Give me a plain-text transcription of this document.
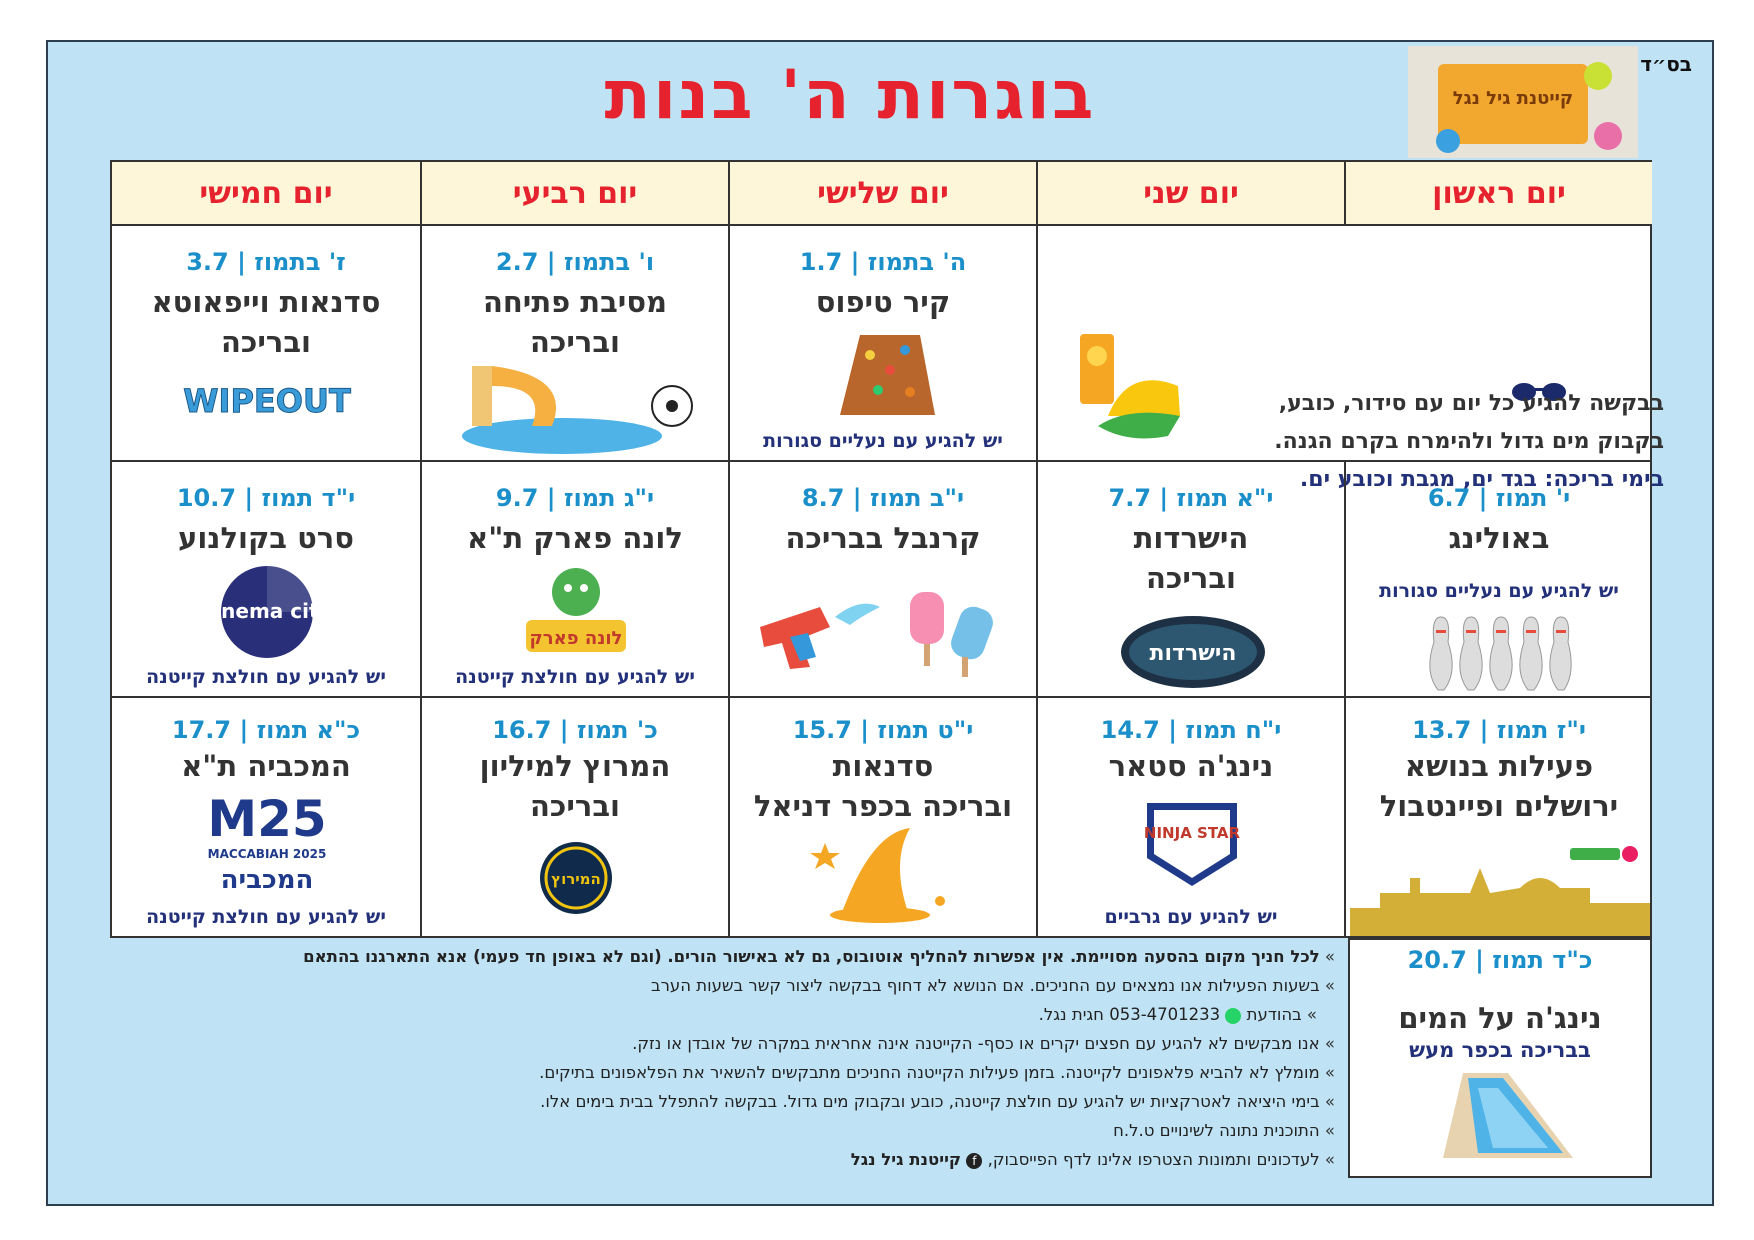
בס״ד
בוגרות ה' בנות	קייטנת גיל נגל
יום ראשון
יום שני
יום שלישי
יום רביעי
יום חמישי
בבקשה להגיע כל יום עם סידור, כובע,
בקבוק מים גדול ולהימרח בקרם הגנה.
בימי בריכה: בגד ים, מגבת וכובע ים.
ה' בתמוז | 1.7
קיר טיפוס
יש להגיע עם נעליים סגורות
ו' בתמוז | 2.7
מסיבת פתיחה
ובריכה
ז' בתמוז | 3.7
סדנאות וייפאוטא
ובריכה
WIPEOUT
י' תמוז | 6.7
באולינג
יש להגיע עם נעליים סגורות
י"א תמוז | 7.7
הישרדות
ובריכה
הישרדות
י"ב תמוז | 8.7
קרנבל בבריכה
י"ג תמוז | 9.7
לונה פארק ת"א
לונה פארק
יש להגיע עם חולצת קייטנה
י"ד תמוז | 10.7
סרט בקולנוע
cinema city
יש להגיע עם חולצת קייטנה
י"ז תמוז | 13.7
פעילות בנושא
ירושלים ופיינטבול
י"ח תמוז | 14.7
נינג'ה סטאר
NINJA STAR
יש להגיע עם גרביים
י"ט תמוז | 15.7
סדנאות
ובריכה בכפר דניאל
כ' תמוז | 16.7
המרוץ למיליון
ובריכה
המירוץ
כ"א תמוז | 17.7
המכביה ת"א
M25
MACCABIAH 2025
המכביה
יש להגיע עם חולצת קייטנה
כ"ד תמוז | 20.7
נינג'ה על המים
בבריכה בכפר מעש
» לכל חניך מקום בהסעה מסויימת. אין אפשרות להחליף אוטובוס, גם לא באישור הורים. (וגם לא באופן חד פעמי) אנא התארגנו בהתאם
» בשעות הפעילות אנו נמצאים עם החניכים. אם הנושא לא דחוף בבקשה ליצור קשר בשעות הערב
» בהודעת  053-4701233 חגית נגל.
» אנו מבקשים לא להגיע עם חפצים יקרים או כסף- הקייטנה אינה אחראית במקרה של אובדן או נזק.
» מומלץ לא להביא פלאפונים לקייטנה. בזמן פעילות הקייטנה החניכים מתבקשים להשאיר את הפלאפונים בתיקים.
» בימי היציאה לאטרקציות יש להגיע עם חולצת קייטנה, כובע ובקבוק מים גדול. בבקשה להתפלל בבית בימים אלו.
» התוכנית נתונה לשינויים ט.ל.ח
» לעדכונים ותמונות הצטרפו אלינו לדף הפייסבוק, f קייטנת גיל נגל
